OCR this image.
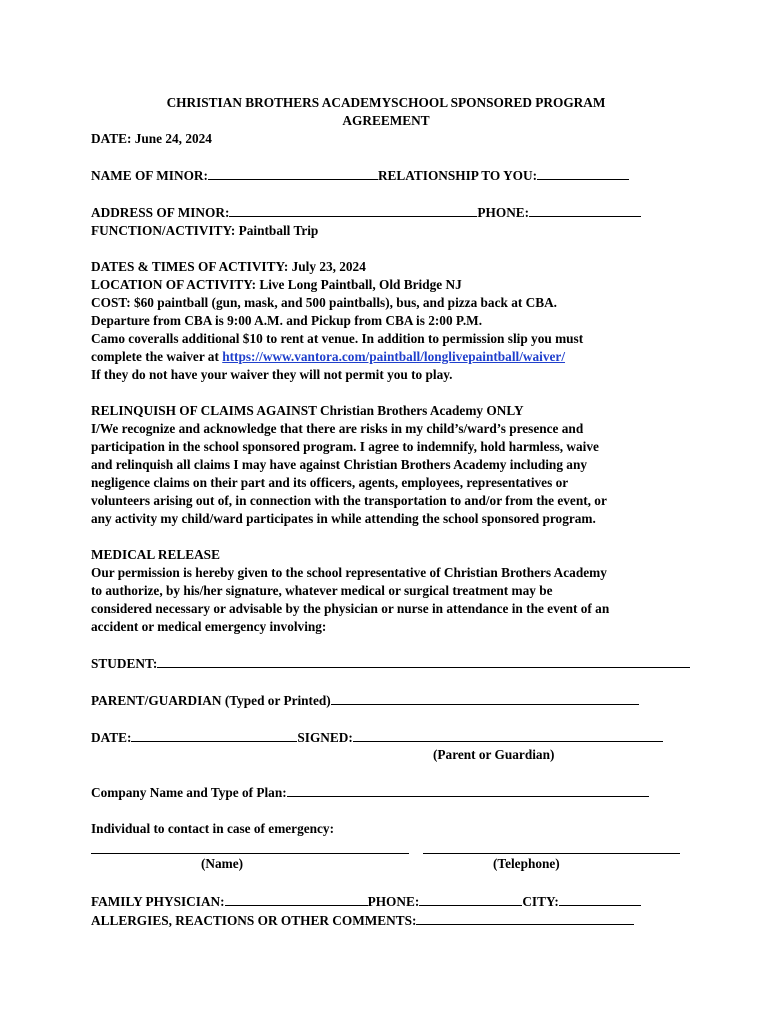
CHRISTIAN BROTHERS ACADEMYSCHOOL SPONSORED PROGRAM
AGREEMENT
DATE: June 24, 2024
NAME OF MINOR:	RELATIONSHIP TO YOU:
ADDRESS OF MINOR:	PHONE:
FUNCTION/ACTIVITY: Paintball Trip
DATES & TIMES OF ACTIVITY: July 23, 2024
LOCATION OF ACTIVITY: Live Long Paintball, Old Bridge NJ
COST: $60 paintball (gun, mask, and 500 paintballs), bus, and pizza back at CBA.
Departure from CBA is 9:00 A.M. and Pickup from CBA is 2:00 P.M.
Camo coveralls additional $10 to rent at venue. In addition to permission slip you must
complete the waiver at https://www.vantora.com/paintball/longlivepaintball/waiver/
If they do not have your waiver they will not permit you to play.
RELINQUISH OF CLAIMS AGAINST Christian Brothers Academy ONLY
I/We recognize and acknowledge that there are risks in my child’s/ward’s presence and
participation in the school sponsored program. I agree to indemnify, hold harmless, waive
and relinquish all claims I may have against Christian Brothers Academy including any
negligence claims on their part and its officers, agents, employees, representatives or
volunteers arising out of, in connection with the transportation to and/or from the event, or
any activity my child/ward participates in while attending the school sponsored program.
MEDICAL RELEASE
Our permission is hereby given to the school representative of Christian Brothers Academy
to authorize, by his/her signature, whatever medical or surgical treatment may be
considered necessary or advisable by the physician or nurse in attendance in the event of an
accident or medical emergency involving:
STUDENT:
PARENT/GUARDIAN (Typed or Printed)
DATE:	SIGNED:
(Parent or Guardian)
Company Name and Type of Plan:
Individual to contact in case of emergency:
(Name)	(Telephone)
FAMILY PHYSICIAN:	PHONE:	CITY:
ALLERGIES, REACTIONS OR OTHER COMMENTS:
